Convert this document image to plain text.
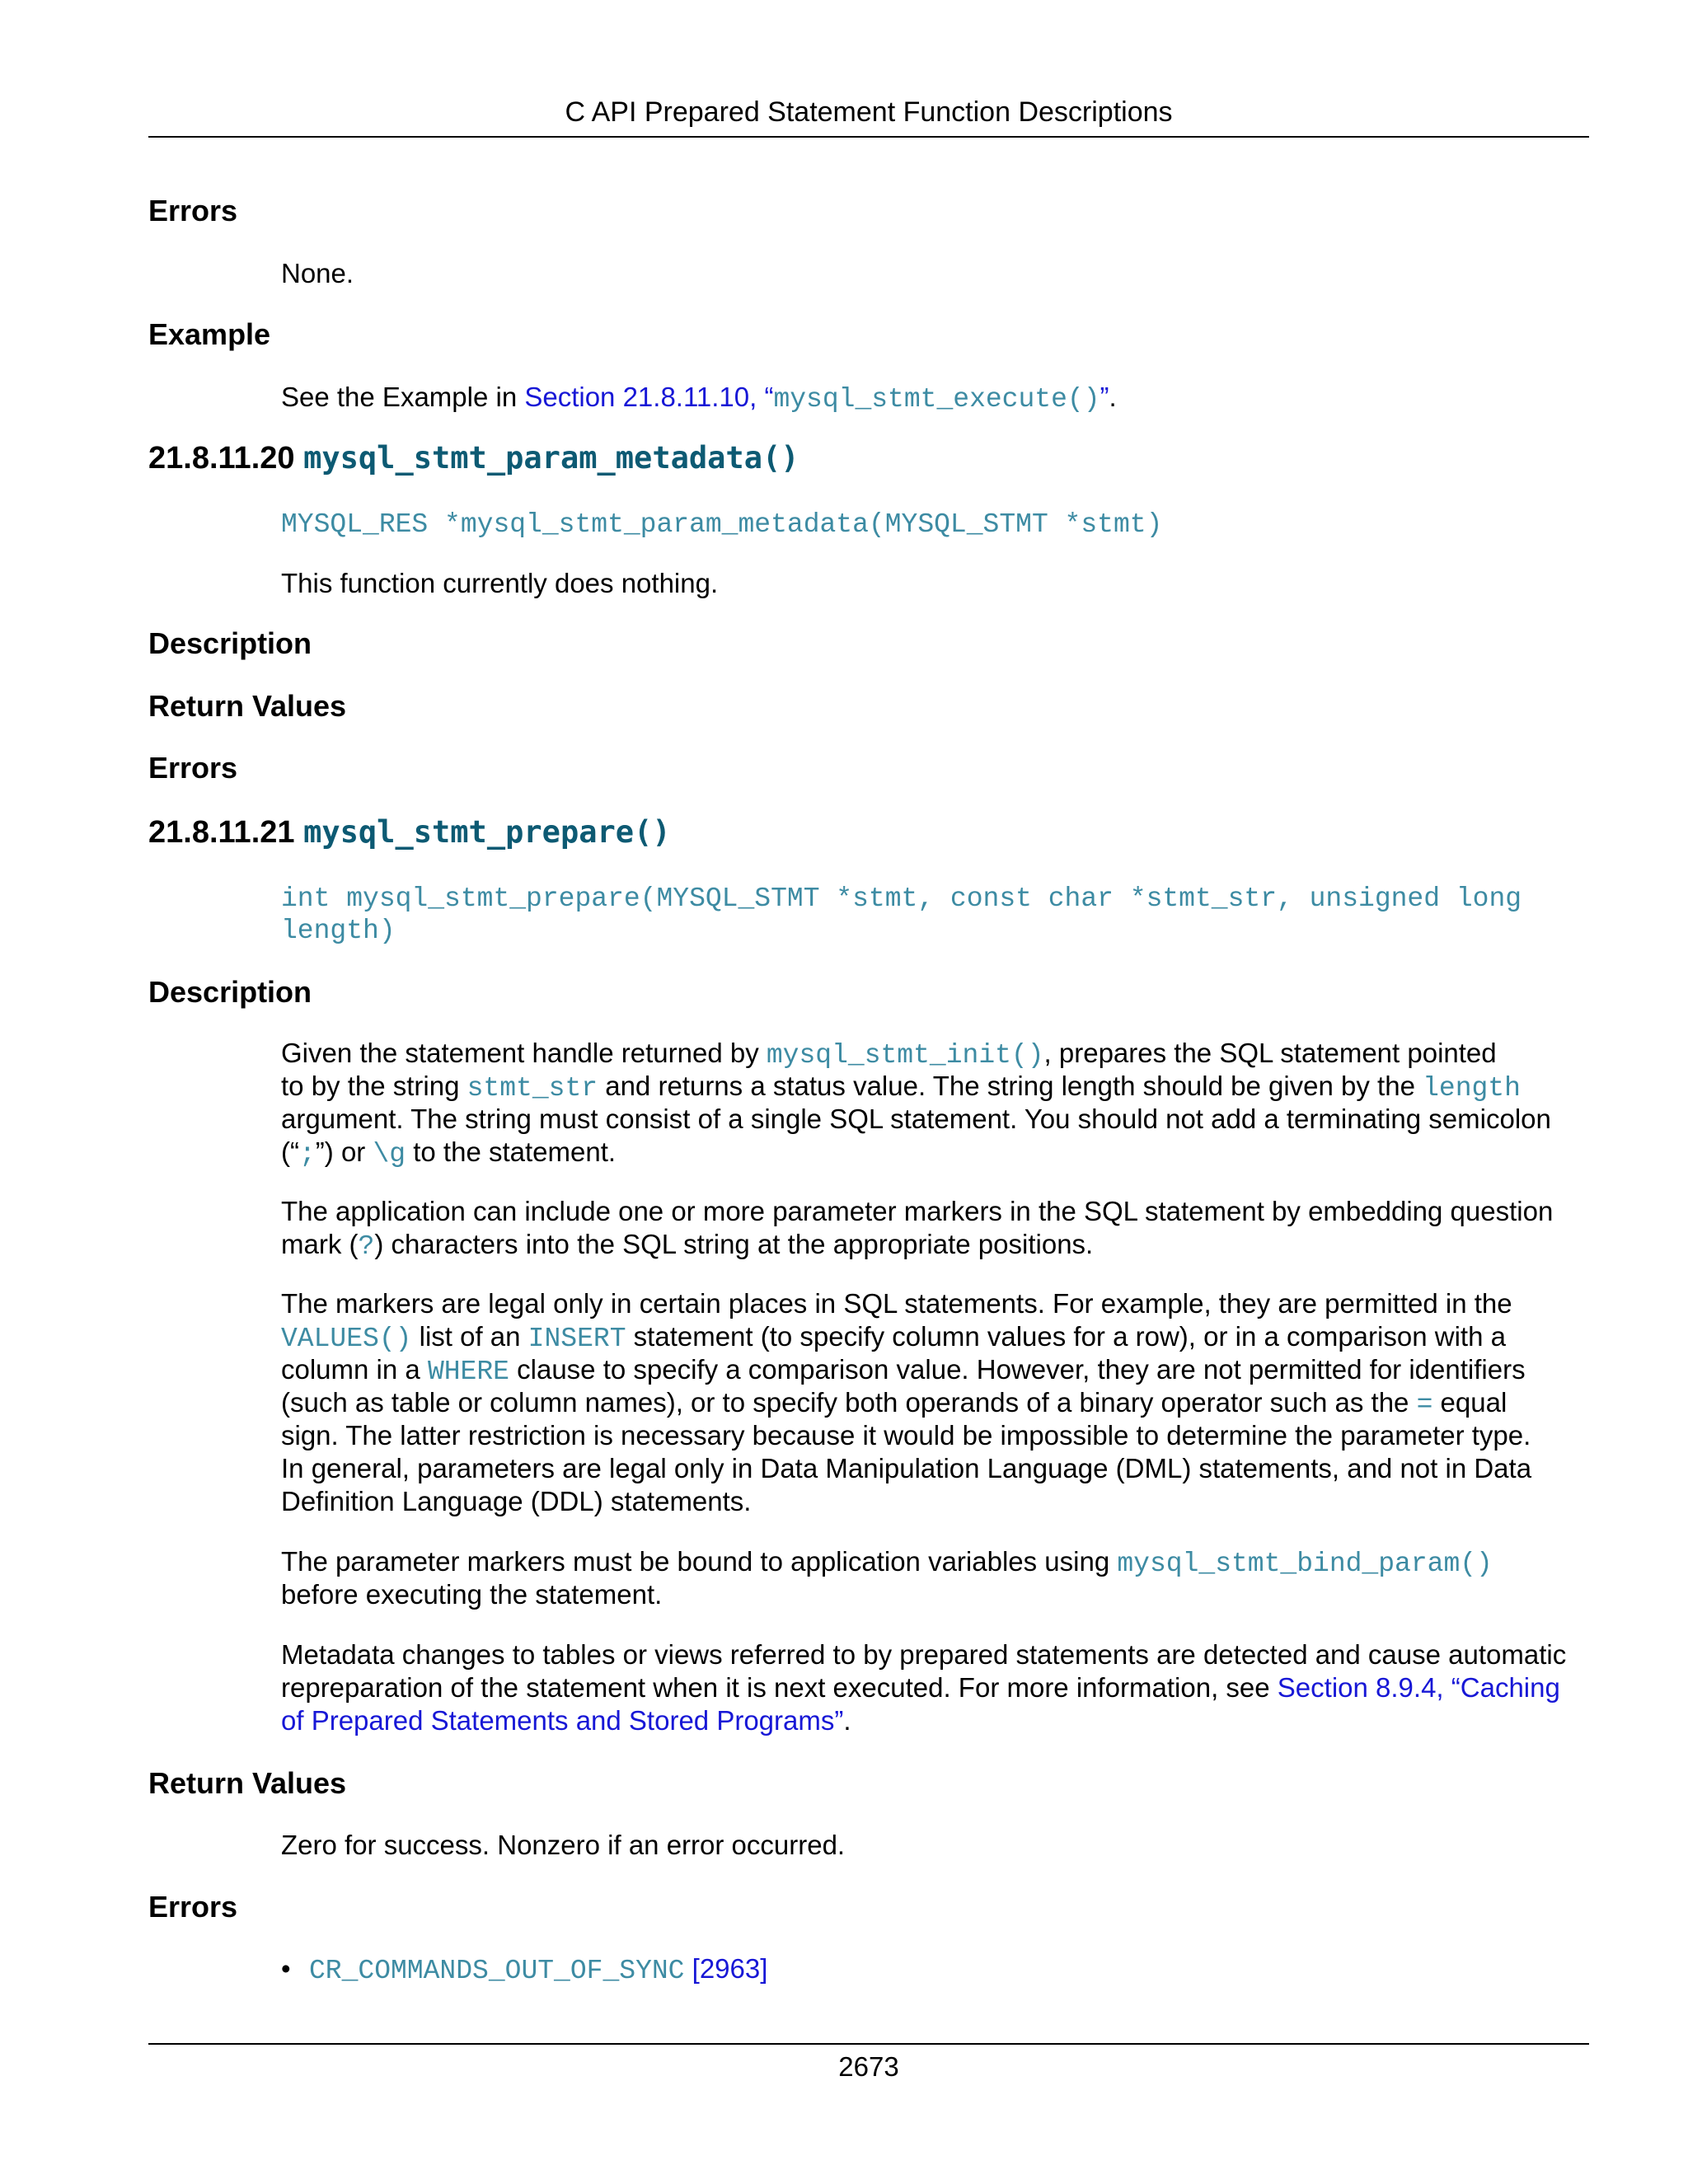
C API Prepared Statement Function Descriptions
Errors
None.
Example
See the Example in Section 21.8.11.10, “mysql_stmt_execute()”.
21.8.11.20 mysql_stmt_param_metadata()
MYSQL_RES *mysql_stmt_param_metadata(MYSQL_STMT *stmt)
This function currently does nothing.
Description
Return Values
Errors
21.8.11.21 mysql_stmt_prepare()
int mysql_stmt_prepare(MYSQL_STMT *stmt, const char *stmt_str, unsigned long
length)
Description
Given the statement handle returned by mysql_stmt_init(), prepares the SQL statement pointed
to by the string stmt_str and returns a status value. The string length should be given by the length
argument. The string must consist of a single SQL statement. You should not add a terminating semicolon
(“;”) or \g to the statement.
The application can include one or more parameter markers in the SQL statement by embedding question
mark (?) characters into the SQL string at the appropriate positions.
The markers are legal only in certain places in SQL statements. For example, they are permitted in the
VALUES() list of an INSERT statement (to specify column values for a row), or in a comparison with a
column in a WHERE clause to specify a comparison value. However, they are not permitted for identifiers
(such as table or column names), or to specify both operands of a binary operator such as the = equal
sign. The latter restriction is necessary because it would be impossible to determine the parameter type.
In general, parameters are legal only in Data Manipulation Language (DML) statements, and not in Data
Definition Language (DDL) statements.
The parameter markers must be bound to application variables using mysql_stmt_bind_param()
before executing the statement.
Metadata changes to tables or views referred to by prepared statements are detected and cause automatic
repreparation of the statement when it is next executed. For more information, see Section 8.9.4, “Caching
of Prepared Statements and Stored Programs”.
Return Values
Zero for success. Nonzero if an error occurred.
Errors
• CR_COMMANDS_OUT_OF_SYNC [2963]
2673
